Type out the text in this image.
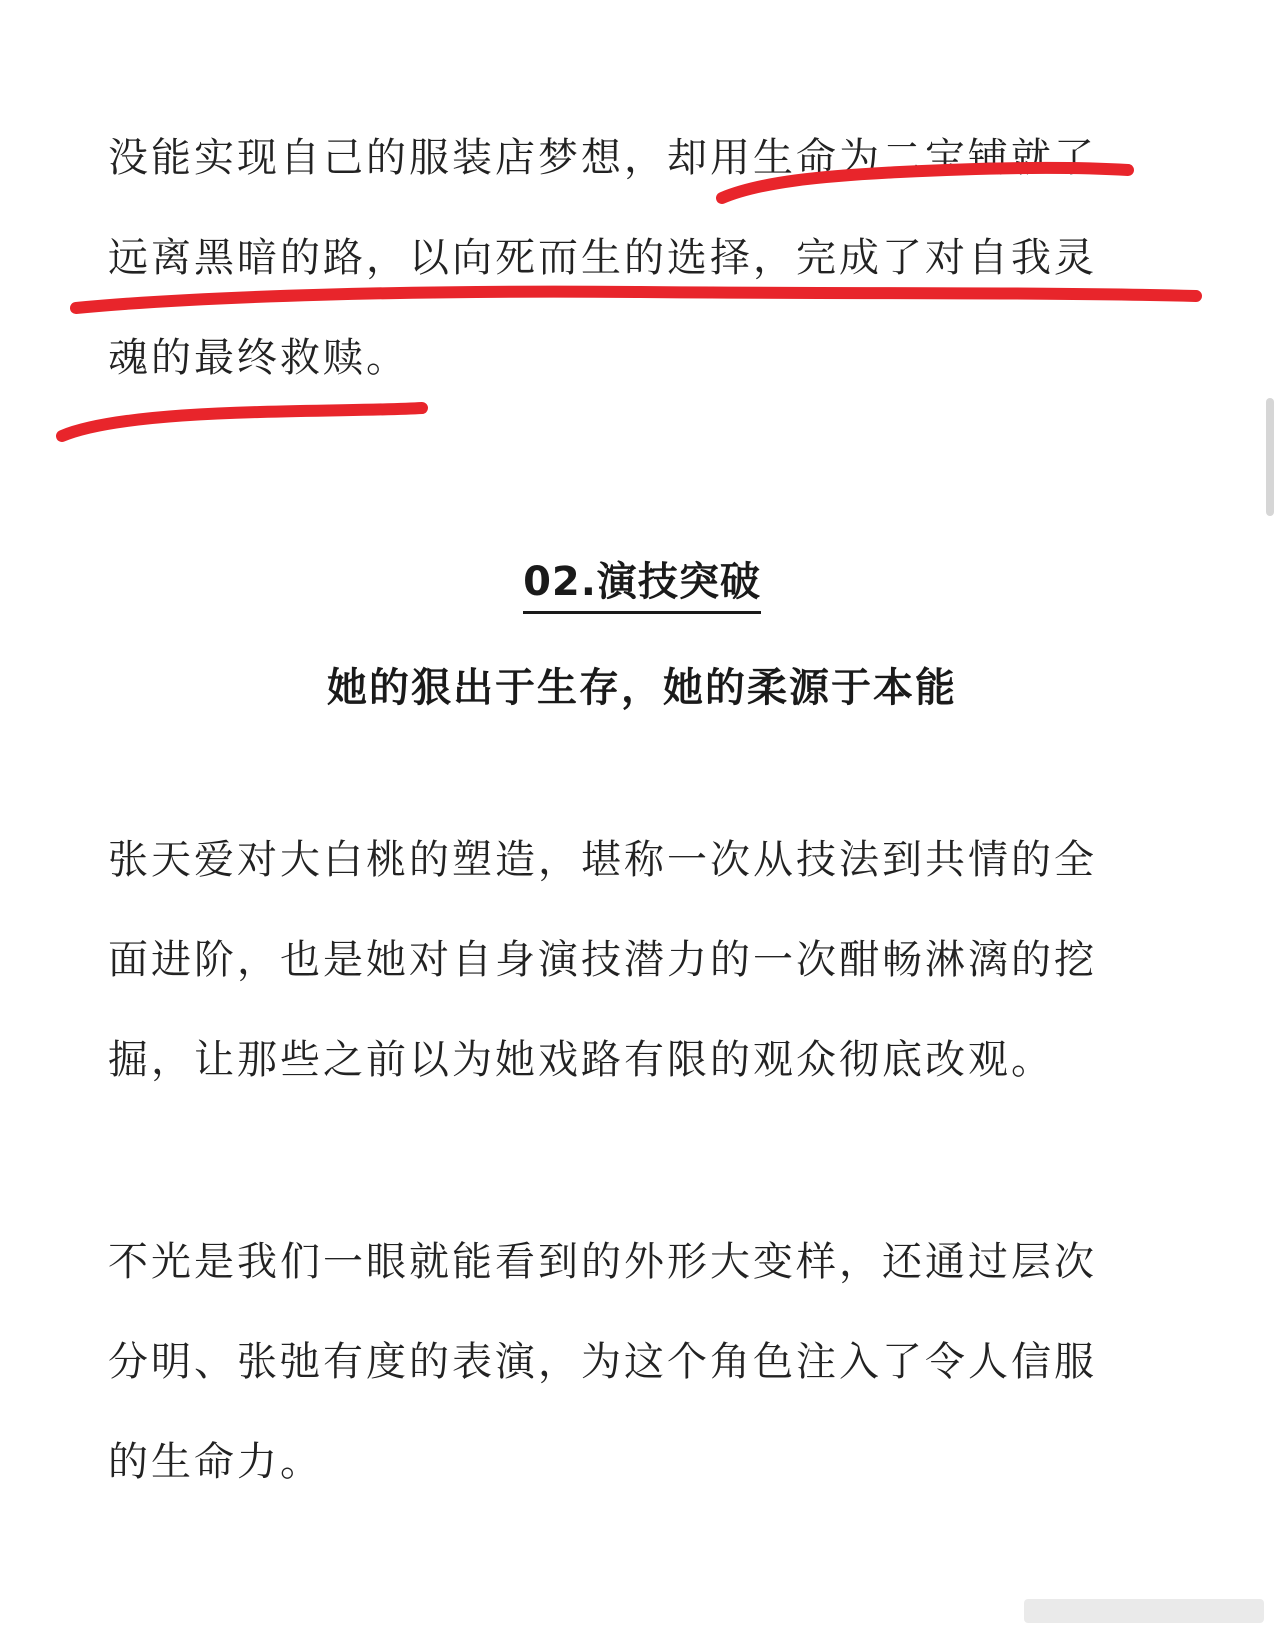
没能实现自己的服装店梦想，却用生命为二宝铺就了
远离黑暗的路，以向死而生的选择，完成了对自我灵
魂的最终救赎。
02.演技突破
她的狠出于生存，她的柔源于本能
张天爱对大白桃的塑造，堪称一次从技法到共情的全
面进阶，也是她对自身演技潜力的一次酣畅淋漓的挖
掘，让那些之前以为她戏路有限的观众彻底改观。
不光是我们一眼就能看到的外形大变样，还通过层次
分明、张弛有度的表演，为这个角色注入了令人信服
的生命力。
